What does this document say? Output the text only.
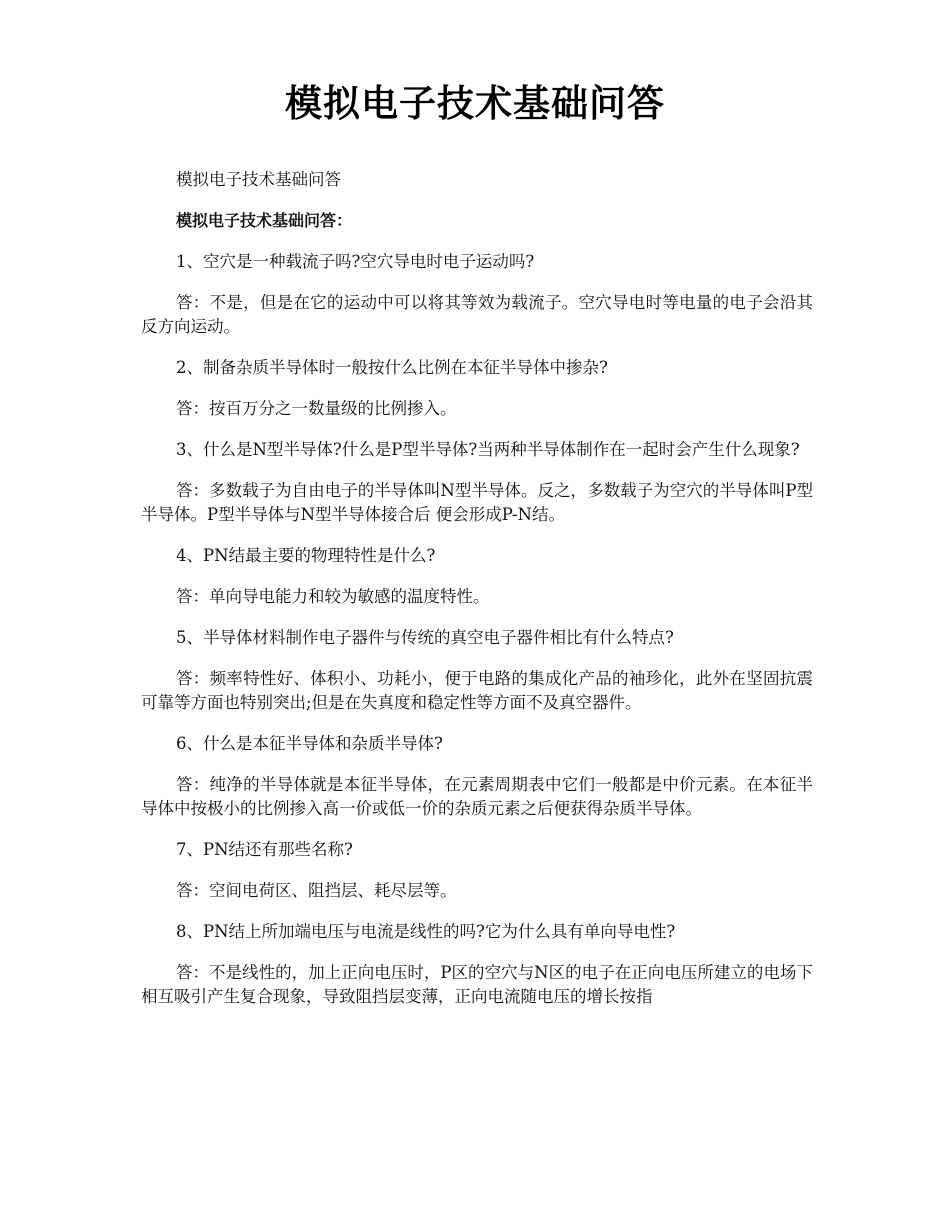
模拟电子技术基础问答

模拟电子技术基础问答

模拟电子技术基础问答：

1、空穴是一种载流子吗?空穴导电时电子运动吗?

答：不是，但是在它的运动中可以将其等效为载流子。空穴导电时等电量的电子会沿其反方向运动。

2、制备杂质半导体时一般按什么比例在本征半导体中掺杂?

答：按百万分之一数量级的比例掺入。

3、什么是N型半导体?什么是P型半导体?当两种半导体制作在一起时会产生什么现象?

答：多数载子为自由电子的半导体叫N型半导体。反之，多数载子为空穴的半导体叫P型半导体。P型半导体与N型半导体接合后 便会形成P-N结。

4、PN结最主要的物理特性是什么?

答：单向导电能力和较为敏感的温度特性。

5、半导体材料制作电子器件与传统的真空电子器件相比有什么特点?

答：频率特性好、体积小、功耗小，便于电路的集成化产品的袖珍化，此外在坚固抗震可靠等方面也特别突出;但是在失真度和稳定性等方面不及真空器件。

6、什么是本征半导体和杂质半导体?

答：纯净的半导体就是本征半导体，在元素周期表中它们一般都是中价元素。在本征半导体中按极小的比例掺入高一价或低一价的杂质元素之后便获得杂质半导体。

7、PN结还有那些名称?

答：空间电荷区、阻挡层、耗尽层等。

8、PN结上所加端电压与电流是线性的吗?它为什么具有单向导电性?

答：不是线性的，加上正向电压时，P区的空穴与N区的电子在正向电压所建立的电场下相互吸引产生复合现象，导致阻挡层变薄，正向电流随电压的增长按指
